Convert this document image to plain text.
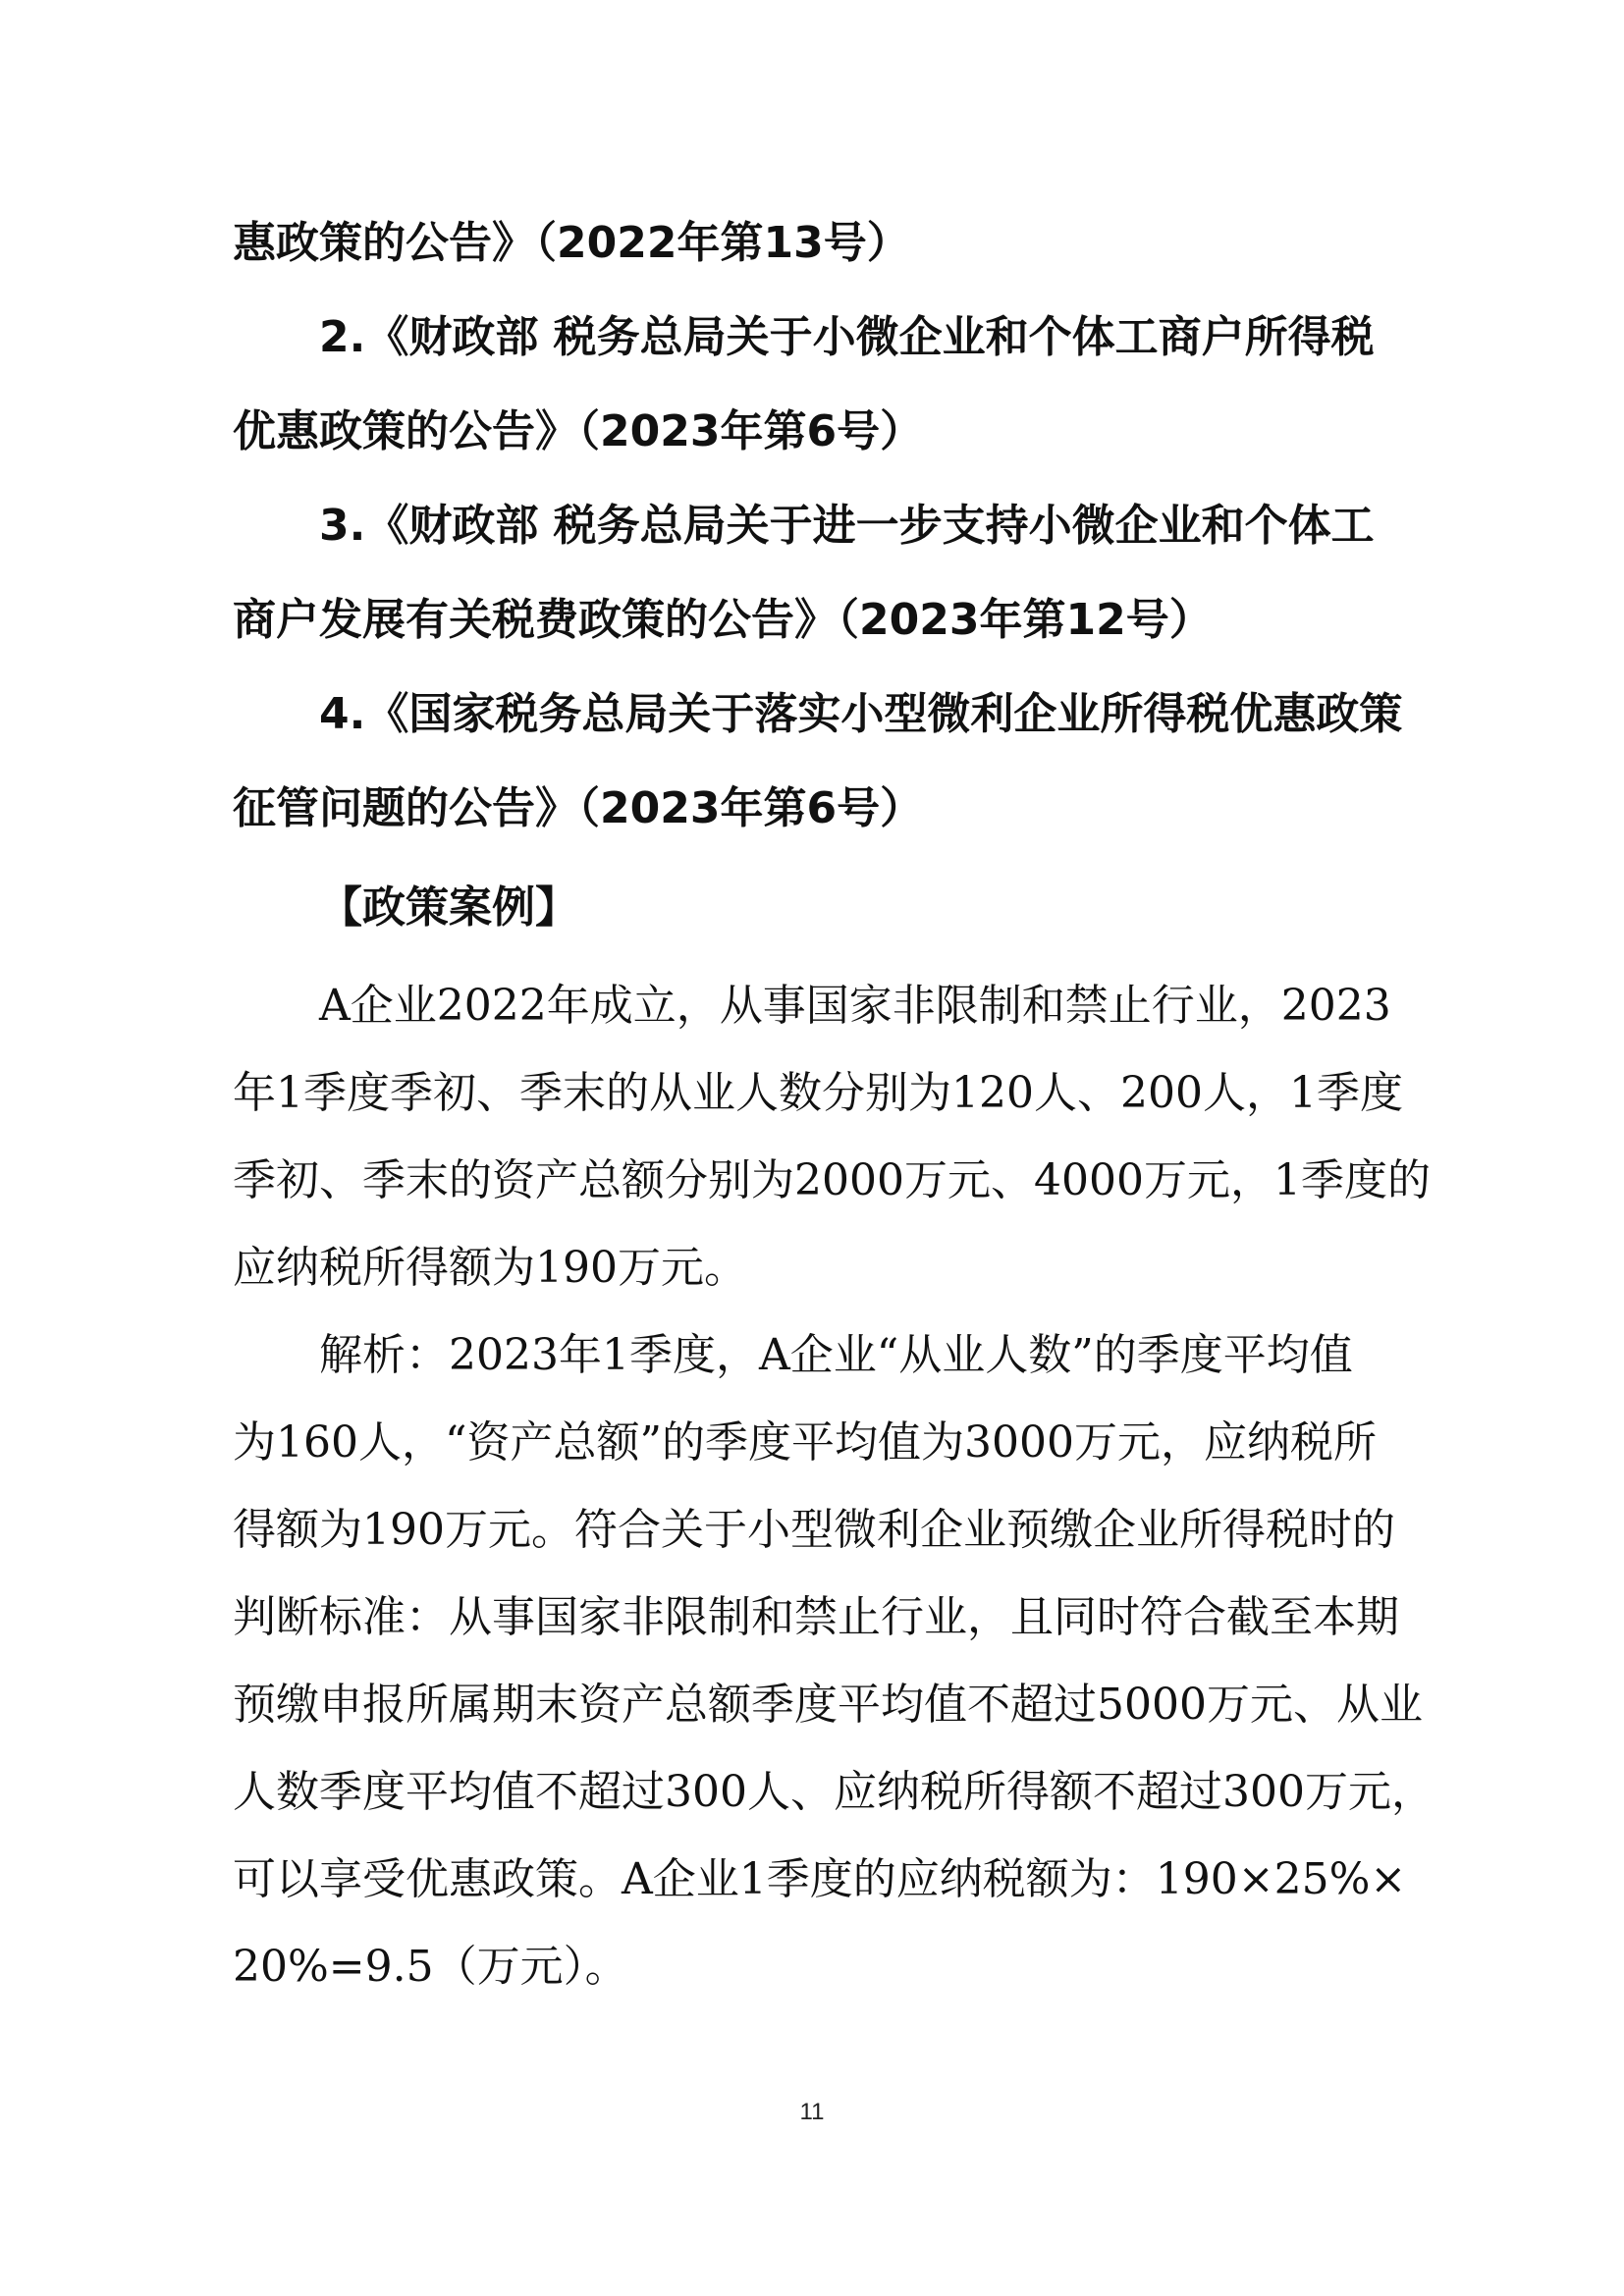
惠政策的公告》（2022年第13号）

2.《财政部 税务总局关于小微企业和个体工商户所得税

优惠政策的公告》（2023年第6号）

3.《财政部 税务总局关于进一步支持小微企业和个体工

商户发展有关税费政策的公告》（2023年第12号）

4.《国家税务总局关于落实小型微利企业所得税优惠政策

征管问题的公告》（2023年第6号）

【政策案例】

A企业2022年成立，从事国家非限制和禁止行业，2023

年1季度季初、季末的从业人数分别为120人、200人，1季度

季初、季末的资产总额分别为2000万元、4000万元，1季度的

应纳税所得额为190万元。

解析：2023年1季度，A企业“从业人数”的季度平均值

为160人，“资产总额”的季度平均值为3000万元，应纳税所

得额为190万元。符合关于小型微利企业预缴企业所得税时的

判断标准：从事国家非限制和禁止行业，且同时符合截至本期

预缴申报所属期末资产总额季度平均值不超过5000万元、从业

人数季度平均值不超过300人、应纳税所得额不超过300万元，

可以享受优惠政策。A企业1季度的应纳税额为：190×25%×

20%=9.5（万元）。

11
